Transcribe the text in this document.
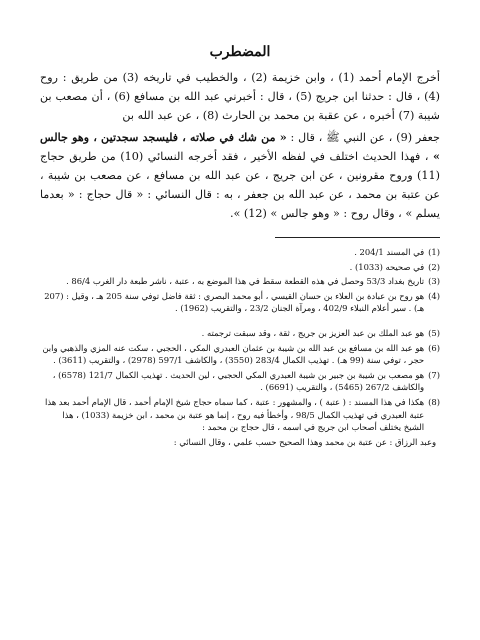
المضطرب

أخرج الإمام أحمد (1) ، وابن خزيمة (2) ، والخطيب في تاريخه (3) من طريق : روح (4) ، قال : حدثنا ابن جريج (5) ، قال : أخبرني عبد الله بن مسافع (6) ، أن مصعب بن شيبة (7) أخبره ، عن عقبة بن محمد بن الحارث (8) ، عن عبد الله بن

جعفر (9) ، عن النبي ﷺ ، قال : « من شك في صلاته ، فليسجد سجدتين ، وهو جالس » ، فهذا الحديث اختلف في لفظه الأخير ، فقد أخرجه النسائي (10) من طريق حجاج (11) وروح مقرونين ، عن ابن جريج ، عن عبد الله بن مسافع ، عن مصعب بن شيبة ، عن عتبة بن محمد ، عن عبد الله بن جعفر ، به : قال النسائي : « قال حجاج : « بعدما يسلم » ، وقال روح : « وهو جالس » (12) ».

(1)
في المسند 204/1 .
(2)
في صحيحه (1033) .
(3)
تاريخ بغداد 53/3 وحصل في هذه القطعة سقط في هذا الموضع به ، عتبة ، ناشر طبعة دار الغرب 86/4 .
(4)
هو روح بن عبادة بن العلاء بن حسان القيسي ، أبو محمد البصري : ثقة فاضل توفي سنة 205 هـ ، وقيل : (207 هـ) . سير أعلام النبلاء 402/9 ، ومرآة الجنان 23/2 ، والتقريب (1962) .
(5)
هو عبد الملك بن عبد العزيز بن جريج ، ثقة ، وقد سبقت ترجمته .
(6)
هو عبد الله بن مسافع بن عبد الله بن شيبة بن عثمان العبدري المكي ، الحجبي ، سكت عنه المزي والذهبي وابن حجر ، توفي سنة (99 هـ) . تهذيب الكمال 283/4 (3550) ، والكاشف 597/1 (2978) ، والتقريب (3611) .
(7)
هو مصعب بن شيبة بن جبير بن شيبة العبدري المكي الحجبي ، لين الحديث . تهذيب الكمال 121/7 (6578) ، والكاشف 267/2 (5465) ، والتقريب (6691) .
(8)
هكذا في هذا المسند : ( عتبة ) ، والمشهور : عتبة ، كما سماه حجاج شيخ الإمام أحمد ، قال الإمام أحمد بعد هذا عتبة العبدري في تهذيب الكمال 98/5 ، وأخطأ فيه روح ، إنما هو عتبة بن محمد ، ابن خزيمة (1033) ، هذا الشيخ يختلف أصحاب ابن جريج في اسمه ، قال حجاج بن محمد :
وعبد الرزاق : عن عتبة بن محمد وهذا الصحيح حسب علمي ، وقال النسائي :
